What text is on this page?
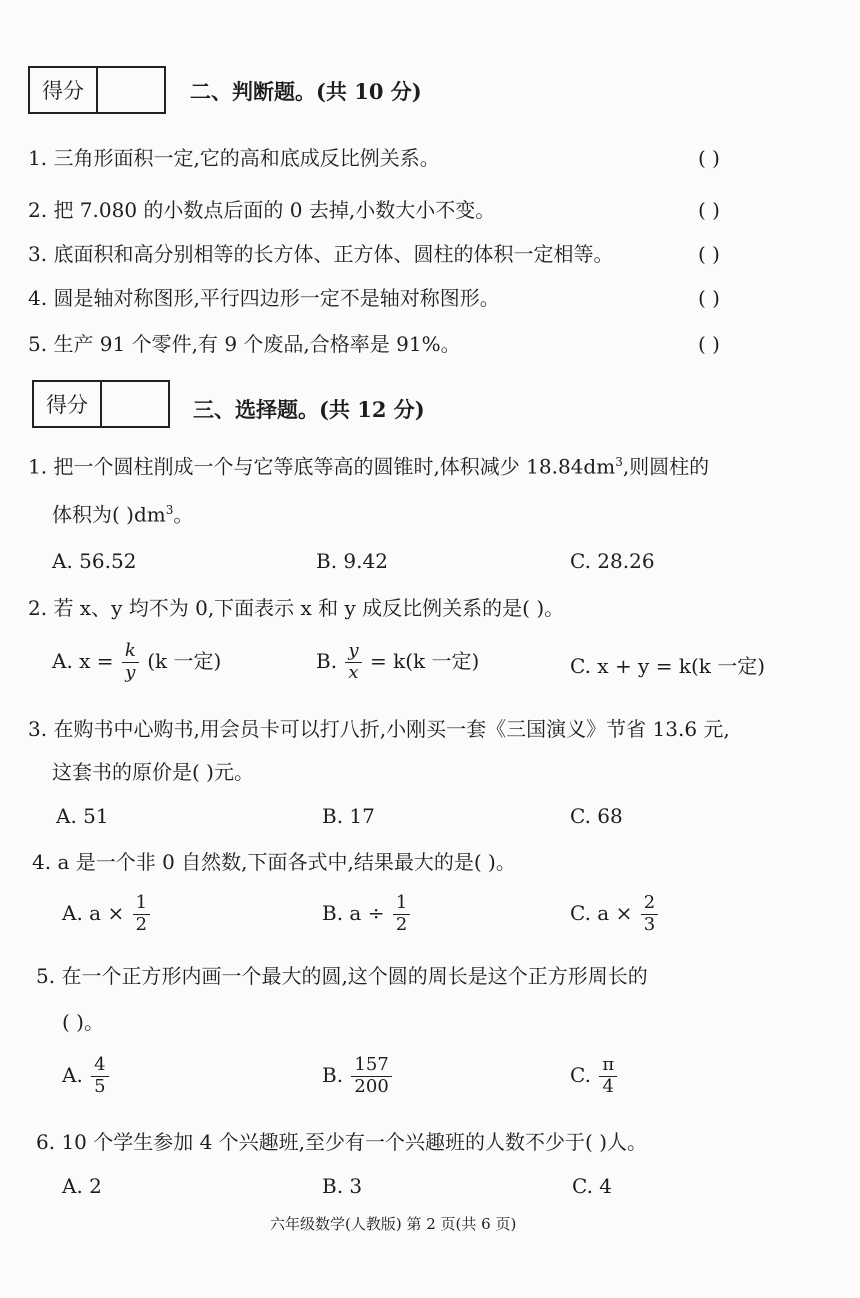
得分	二、判断题。(共 10 分)
1. 三角形面积一定,它的高和底成反比例关系。	( )
2. 把 7.080 的小数点后面的 0 去掉,小数大小不变。	( )
3. 底面积和高分别相等的长方体、正方体、圆柱的体积一定相等。	( )
4. 圆是轴对称图形,平行四边形一定不是轴对称图形。	( )
5. 生产 91 个零件,有 9 个废品,合格率是 91%。	( )
得分	三、选择题。(共 12 分)
1. 把一个圆柱削成一个与它等底等高的圆锥时,体积减少 $18.84dm^3$,则圆柱的
体积为( )$dm^3$。
A. 56.52	B. 9.42	C. 28.26
2. 若 x、y 均不为 0,下面表示 x 和 y 成反比例关系的是( )。
A. $x = \frac{k}{y} (k$ 一定)	B. $\frac{y}{x} = k(k$ 一定)	C. x + y = k(k 一定)
3. 在购书中心购书,用会员卡可以打八折,小刚买一套《三国演义》节省 13.6 元,
这套书的原价是( )元。
A. 51	B. 17	C. 68
4. a 是一个非 0 自然数,下面各式中,结果最大的是( )。
A. $a \times \frac{1}{2}$	B. $a \div \frac{1}{2}$	C. $a \times \frac{2}{3}$
5. 在一个正方形内画一个最大的圆,这个圆的周长是这个正方形周长的
( )。
A. $\frac{4}{5}$	B. $\frac{157}{200}$	C. $\frac{\pi}{4}$
6. 10 个学生参加 4 个兴趣班,至少有一个兴趣班的人数不少于( )人。
A. 2	B. 3	C. 4
六年级数学(人教版) 第 2 页(共 6 页)
